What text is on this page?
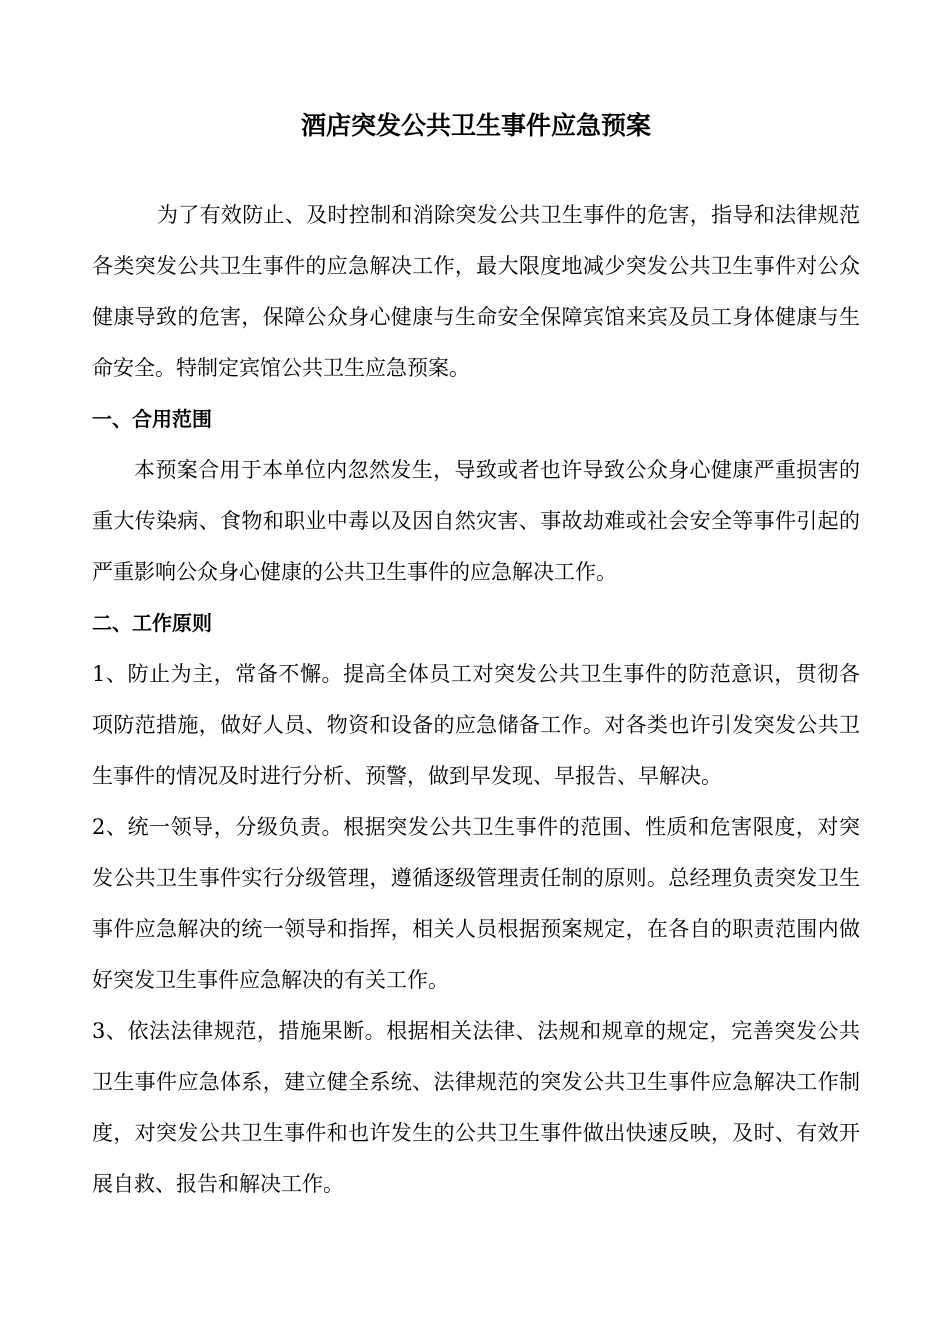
酒店突发公共卫生事件应急预案

为了有效防止、及时控制和消除突发公共卫生事件的危害，指导和法律规范各类突发公共卫生事件的应急解决工作，最大限度地减少突发公共卫生事件对公众健康导致的危害，保障公众身心健康与生命安全保障宾馆来宾及员工身体健康与生命安全。特制定宾馆公共卫生应急预案。

一、合用范围

本预案合用于本单位内忽然发生，导致或者也许导致公众身心健康严重损害的重大传染病、食物和职业中毒以及因自然灾害、事故劫难或社会安全等事件引起的严重影响公众身心健康的公共卫生事件的应急解决工作。

二、工作原则

1、防止为主，常备不懈。提高全体员工对突发公共卫生事件的防范意识，贯彻各项防范措施，做好人员、物资和设备的应急储备工作。对各类也许引发突发公共卫生事件的情况及时进行分析、预警，做到早发现、早报告、早解决。

2、统一领导，分级负责。根据突发公共卫生事件的范围、性质和危害限度，对突发公共卫生事件实行分级管理，遵循逐级管理责任制的原则。总经理负责突发卫生事件应急解决的统一领导和指挥，相关人员根据预案规定，在各自的职责范围内做好突发卫生事件应急解决的有关工作。

3、依法法律规范，措施果断。根据相关法律、法规和规章的规定，完善突发公共卫生事件应急体系，建立健全系统、法律规范的突发公共卫生事件应急解决工作制度，对突发公共卫生事件和也许发生的公共卫生事件做出快速反映，及时、有效开展自救、报告和解决工作。
